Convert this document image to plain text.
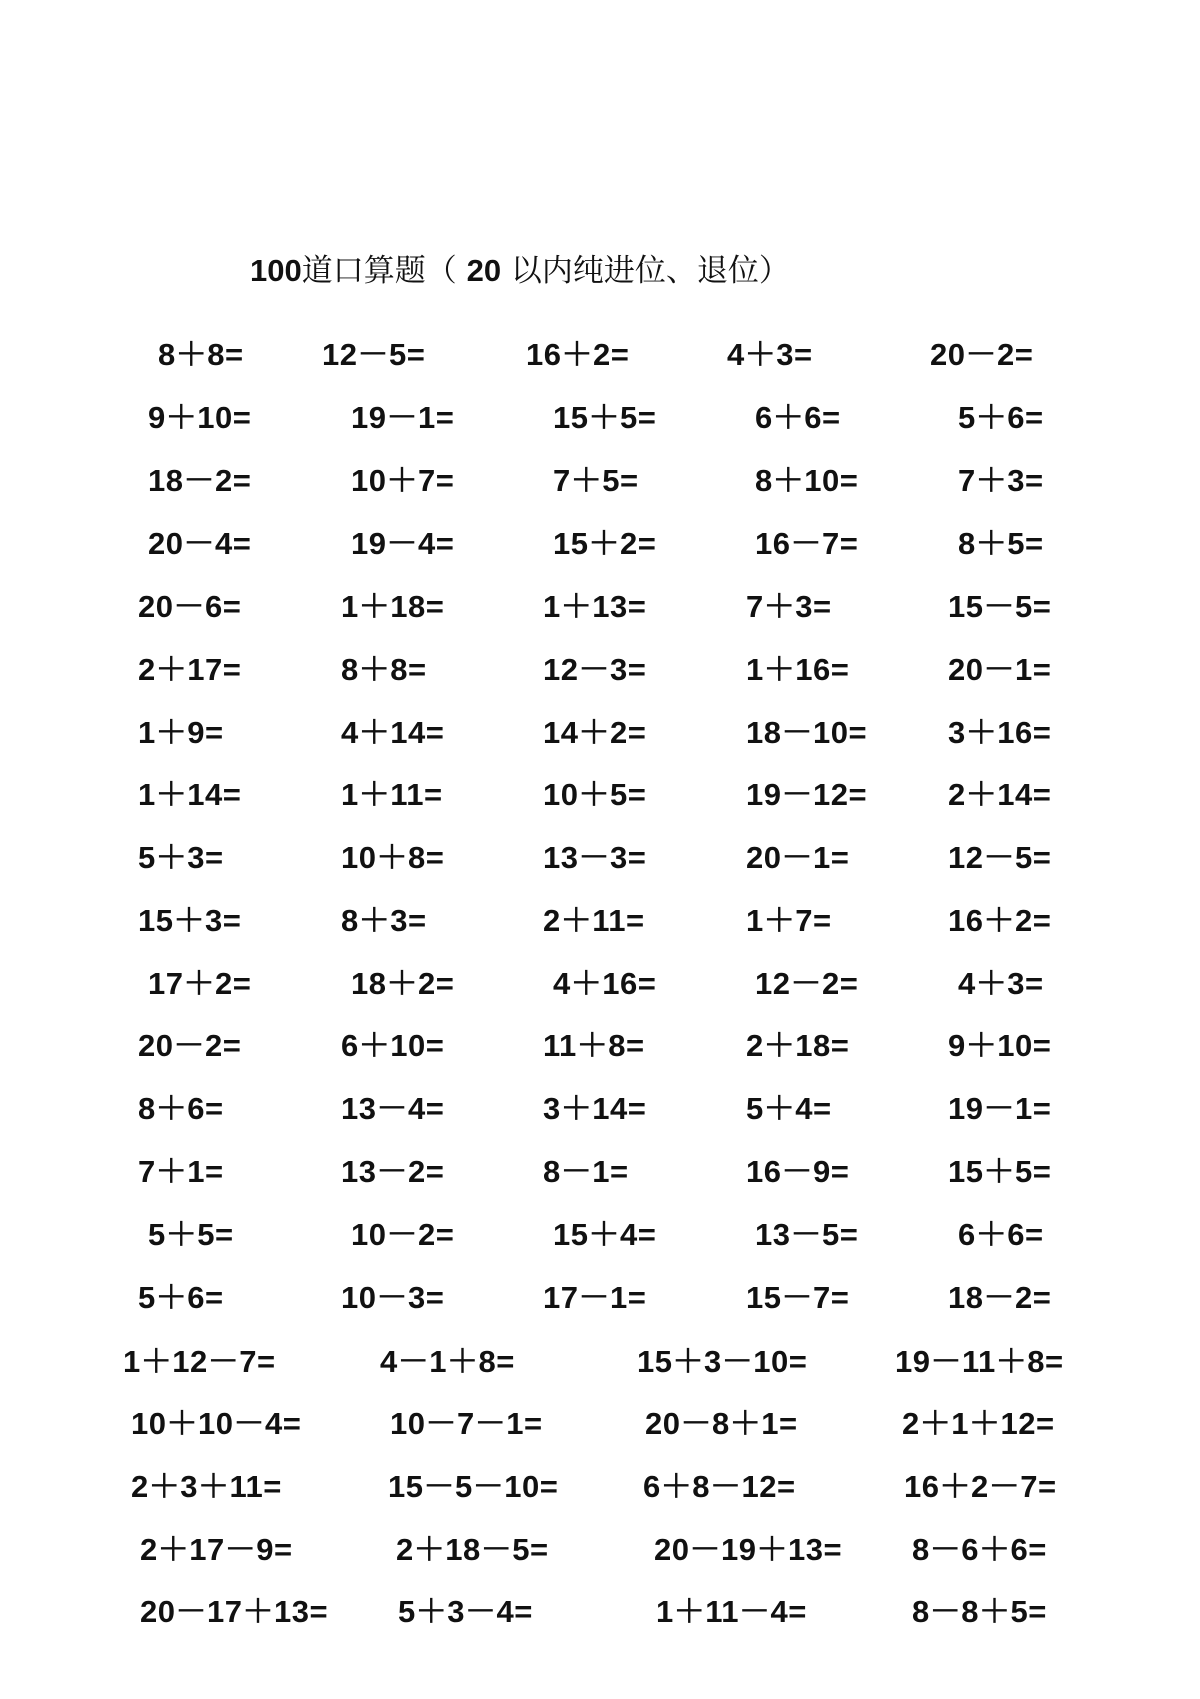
100道口算题（ 20 以内纯进位、退位）
8＋8=	12－5=	16＋2=	4＋3=	20－2=
9＋10=	19－1=	15＋5=	6＋6=	5＋6=
18－2=	10＋7=	7＋5=	8＋10=	7＋3=
20－4=	19－4=	15＋2=	16－7=	8＋5=
20－6=	1＋18=	1＋13=	7＋3=	15－5=
2＋17=	8＋8=	12－3=	1＋16=	20－1=
1＋9=	4＋14=	14＋2=	18－10=	3＋16=
1＋14=	1＋11=	10＋5=	19－12=	2＋14=
5＋3=	10＋8=	13－3=	20－1=	12－5=
15＋3=	8＋3=	2＋11=	1＋7=	16＋2=
17＋2=	18＋2=	4＋16=	12－2=	4＋3=
20－2=	6＋10=	11＋8=	2＋18=	9＋10=
8＋6=	13－4=	3＋14=	5＋4=	19－1=
7＋1=	13－2=	8－1=	16－9=	15＋5=
5＋5=	10－2=	15＋4=	13－5=	6＋6=
5＋6=	10－3=	17－1=	15－7=	18－2=
1＋12－7=	4－1＋8=	15＋3－10=	19－11＋8=
10＋10－4=	10－7－1=	20－8＋1=	2＋1＋12=
2＋3＋11=	15－5－10=	6＋8－12=	16＋2－7=
2＋17－9=	2＋18－5=	20－19＋13= 8－6＋6=
20－17＋13= 5＋3－4=	1＋11－4=	8－8＋5=
